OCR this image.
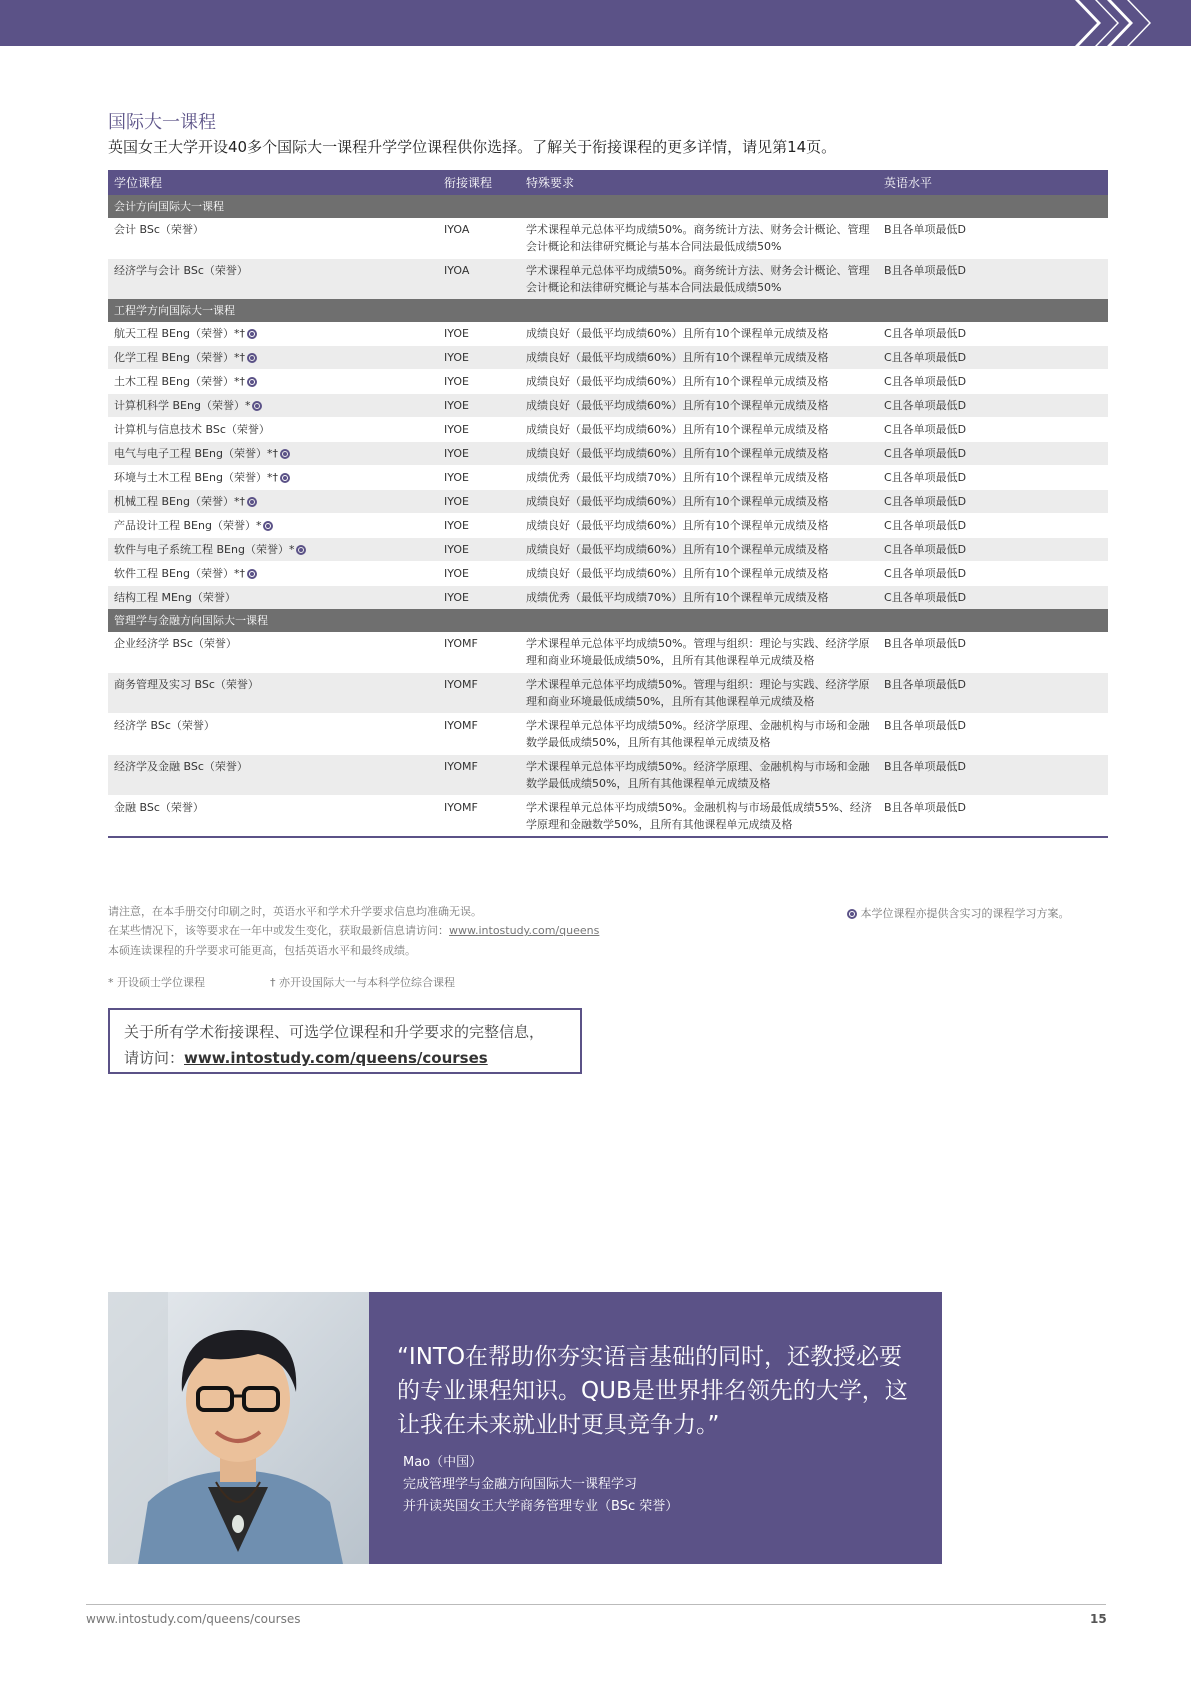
国际大一课程
英国女王大学开设40多个国际大一课程升学学位课程供你选择。了解关于衔接课程的更多详情，请见第14页。
学位课程	衔接课程	特殊要求	英语水平
会计方向国际大一课程			
会计 BSc（荣誉）	IYOA	学术课程单元总体平均成绩50%。商务统计方法、财务会计概论、管理会计概论和法律研究概论与基本合同法最低成绩50%	B且各单项最低D
经济学与会计 BSc（荣誉）	IYOA	学术课程单元总体平均成绩50%。商务统计方法、财务会计概论、管理会计概论和法律研究概论与基本合同法最低成绩50%	B且各单项最低D
工程学方向国际大一课程			
航天工程 BEng（荣誉）*†	IYOE	成绩良好（最低平均成绩60%）且所有10个课程单元成绩及格	C且各单项最低D
化学工程 BEng（荣誉）*†	IYOE	成绩良好（最低平均成绩60%）且所有10个课程单元成绩及格	C且各单项最低D
土木工程 BEng（荣誉）*†	IYOE	成绩良好（最低平均成绩60%）且所有10个课程单元成绩及格	C且各单项最低D
计算机科学 BEng（荣誉）*	IYOE	成绩良好（最低平均成绩60%）且所有10个课程单元成绩及格	C且各单项最低D
计算机与信息技术 BSc（荣誉）	IYOE	成绩良好（最低平均成绩60%）且所有10个课程单元成绩及格	C且各单项最低D
电气与电子工程 BEng（荣誉）*†	IYOE	成绩良好（最低平均成绩60%）且所有10个课程单元成绩及格	C且各单项最低D
环境与土木工程 BEng（荣誉）*†	IYOE	成绩优秀（最低平均成绩70%）且所有10个课程单元成绩及格	C且各单项最低D
机械工程 BEng（荣誉）*†	IYOE	成绩良好（最低平均成绩60%）且所有10个课程单元成绩及格	C且各单项最低D
产品设计工程 BEng（荣誉）*	IYOE	成绩良好（最低平均成绩60%）且所有10个课程单元成绩及格	C且各单项最低D
软件与电子系统工程 BEng（荣誉）*	IYOE	成绩良好（最低平均成绩60%）且所有10个课程单元成绩及格	C且各单项最低D
软件工程 BEng（荣誉）*†	IYOE	成绩良好（最低平均成绩60%）且所有10个课程单元成绩及格	C且各单项最低D
结构工程 MEng（荣誉）	IYOE	成绩优秀（最低平均成绩70%）且所有10个课程单元成绩及格	C且各单项最低D
管理学与金融方向国际大一课程			
企业经济学 BSc（荣誉）	IYOMF	学术课程单元总体平均成绩50%。管理与组织：理论与实践、经济学原理和商业环境最低成绩50%，且所有其他课程单元成绩及格	B且各单项最低D
商务管理及实习 BSc（荣誉）	IYOMF	学术课程单元总体平均成绩50%。管理与组织：理论与实践、经济学原理和商业环境最低成绩50%，且所有其他课程单元成绩及格	B且各单项最低D
经济学 BSc（荣誉）	IYOMF	学术课程单元总体平均成绩50%。经济学原理、金融机构与市场和金融数学最低成绩50%，且所有其他课程单元成绩及格	B且各单项最低D
经济学及金融 BSc（荣誉）	IYOMF	学术课程单元总体平均成绩50%。经济学原理、金融机构与市场和金融数学最低成绩50%，且所有其他课程单元成绩及格	B且各单项最低D
金融 BSc（荣誉）	IYOMF	学术课程单元总体平均成绩50%。金融机构与市场最低成绩55%、经济学原理和金融数学50%，且所有其他课程单元成绩及格	B且各单项最低D
请注意，在本手册交付印刷之时，英语水平和学术升学要求信息均准确无误。
在某些情况下，该等要求在一年中或发生变化，获取最新信息请访问：www.intostudy.com/queens
本硕连读课程的升学要求可能更高，包括英语水平和最终成绩。
本学位课程亦提供含实习的课程学习方案。
* 开设硕士学位课程	† 亦开设国际大一与本科学位综合课程
关于所有学术衔接课程、可选学位课程和升学要求的完整信息，
请访问：www.intostudy.com/queens/courses
“INTO在帮助你夯实语言基础的同时，还教授必要的专业课程知识。QUB是世界排名领先的大学，这让我在未来就业时更具竞争力。”
Mao（中国）
完成管理学与金融方向国际大一课程学习
并升读英国女王大学商务管理专业（BSc 荣誉）
www.intostudy.com/queens/courses	15
